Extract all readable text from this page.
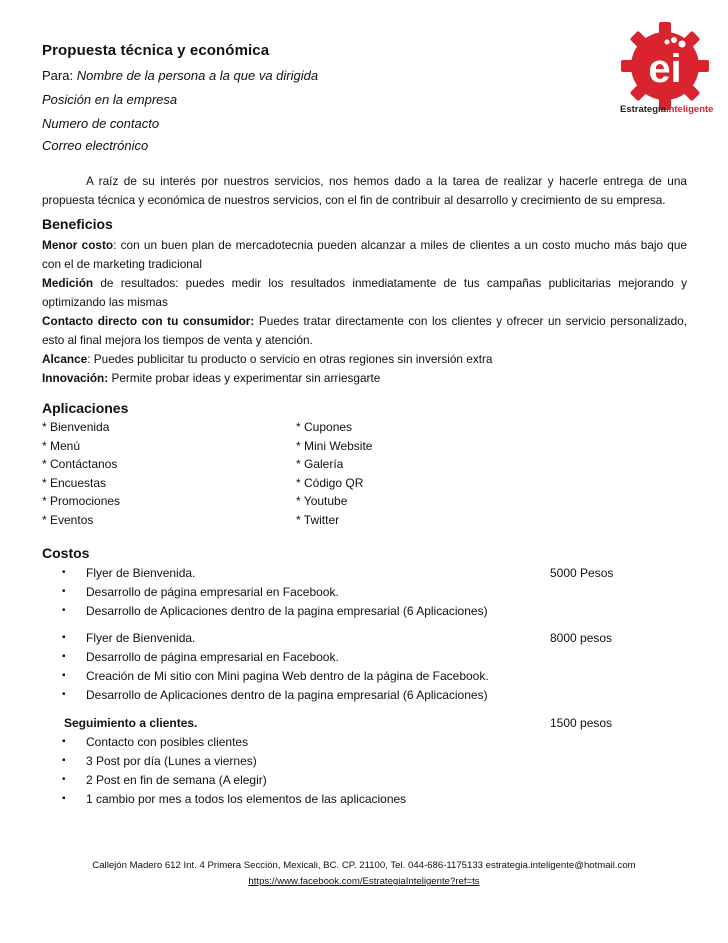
Propuesta técnica y económica
Para: Nombre de la persona a la que va dirigida
Posición en la empresa
Numero de contacto
Correo electrónico
ei
EstrategiaInteligente
A raíz de su interés por nuestros servicios, nos hemos dado a la tarea de realizar y hacerle entrega de una propuesta técnica y económica de nuestros servicios, con el fin de contribuir al desarrollo y crecimiento de su empresa.
Beneficios

Menor costo: con un buen plan de mercadotecnia pueden alcanzar a miles de clientes a un costo mucho más bajo que con el de marketing tradicional

Medición de resultados: puedes medir los resultados inmediatamente de tus campañas publicitarias mejorando y optimizando las mismas

Contacto directo con tu consumidor: Puedes tratar directamente con los clientes y ofrecer un servicio personalizado, esto al final mejora los tiempos de venta y atención.

Alcance: Puedes publicitar tu producto o servicio en otras regiones sin inversión extra

Innovación: Permite probar ideas y experimentar sin arriesgarte

Aplicaciones
* Bienvenida	* Cupones
* Menú	* Mini Website
* Contáctanos	* Galería
* Encuestas	* Código QR
* Promociones	* Youtube
* Eventos	* Twitter
Costos
• Flyer de Bienvenida.	5000 Pesos
• Desarrollo de página empresarial en Facebook.
• Desarrollo de Aplicaciones dentro de la pagina empresarial (6 Aplicaciones)
▪ Flyer de Bienvenida.	8000 pesos
▪ Desarrollo de página empresarial en Facebook.
▪ Creación de Mi sitio con Mini pagina Web dentro de la página de Facebook.
• Desarrollo de Aplicaciones dentro de la pagina empresarial (6 Aplicaciones)
Seguimiento a clientes.	1500 pesos
▪ Contacto con posibles clientes
▪ 3 Post por día (Lunes a viernes)
• 2 Post en fin de semana (A elegir)
▪ 1 cambio por mes a todos los elementos de las aplicaciones
Callejón Madero 612 Int. 4 Primera Sección, Mexicali, BC. CP. 21100, Tel. 044-686-1175133 estrategia.inteligente@hotmail.com
https://www.facebook.com/EstrategiaInteligente?ref=ts
